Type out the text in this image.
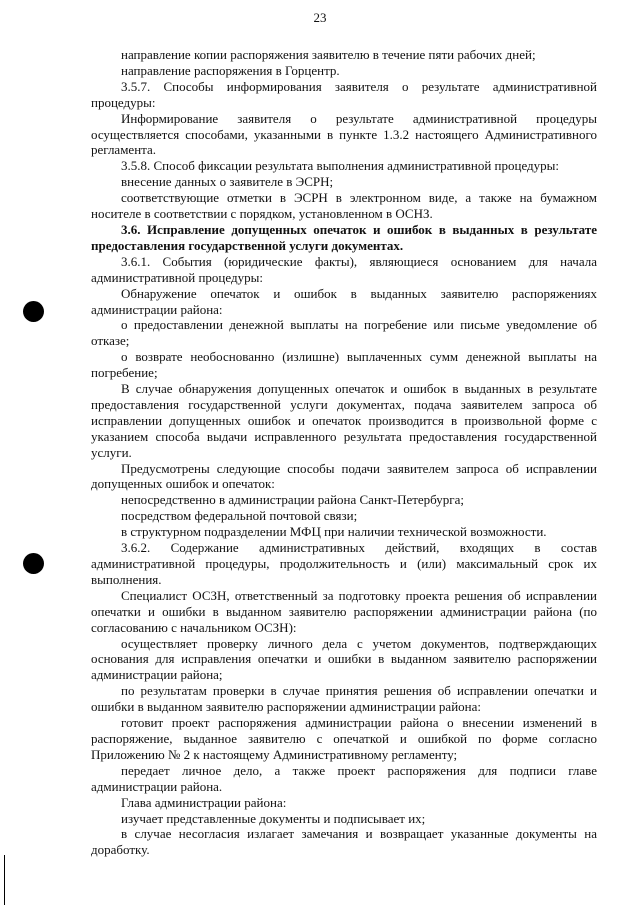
23

направление копии распоряжения заявителю в течение пяти рабочих дней;

направление распоряжения в Горцентр.

3.5.7. Способы информирования заявителя о результате административной процедуры:

Информирование заявителя о результате административной процедуры осуществляется способами, указанными в пункте 1.3.2 настоящего Административного регламента.

3.5.8. Способ фиксации результата выполнения административной процедуры:

внесение данных о заявителе в ЭСРН;

соответствующие отметки в ЭСРН в электронном виде, а также на бумажном носителе в соответствии с порядком, установленном в ОСНЗ.

3.6. Исправление допущенных опечаток и ошибок в выданных в результате предоставления государственной услуги документах.

3.6.1. События (юридические факты), являющиеся основанием для начала административной процедуры:

Обнаружение опечаток и ошибок в выданных заявителю распоряжениях администрации района:

о предоставлении денежной выплаты на погребение или письме уведомление об отказе;

о возврате необоснованно (излишне) выплаченных сумм денежной выплаты на погребение;

В случае обнаружения допущенных опечаток и ошибок в выданных в результате предоставления государственной услуги документах, подача заявителем запроса об исправлении допущенных ошибок и опечаток производится в произвольной форме с указанием способа выдачи исправленного результата предоставления государственной услуги.

Предусмотрены следующие способы подачи заявителем запроса об исправлении допущенных ошибок и опечаток:

непосредственно в администрации района Санкт-Петербурга;

посредством федеральной почтовой связи;

в структурном подразделении МФЦ при наличии технической возможности.

3.6.2. Содержание административных действий, входящих в состав административной процедуры, продолжительность и (или) максимальный срок их выполнения.

Специалист ОСЗН, ответственный за подготовку проекта решения об исправлении опечатки и ошибки в выданном заявителю распоряжении администрации района (по согласованию с начальником ОСЗН):

осуществляет проверку личного дела с учетом документов, подтверждающих основания для исправления опечатки и ошибки в выданном заявителю распоряжении администрации района;

по результатам проверки в случае принятия решения об исправлении опечатки и ошибки в выданном заявителю распоряжении администрации района:

готовит проект распоряжения администрации района о внесении изменений в распоряжение, выданное заявителю с опечаткой и ошибкой по форме согласно Приложению № 2 к настоящему Административному регламенту;

передает личное дело, а также проект распоряжения для подписи главе администрации района.

Глава администрации района:

изучает представленные документы и подписывает их;

в случае несогласия излагает замечания и возвращает указанные документы на доработку.
